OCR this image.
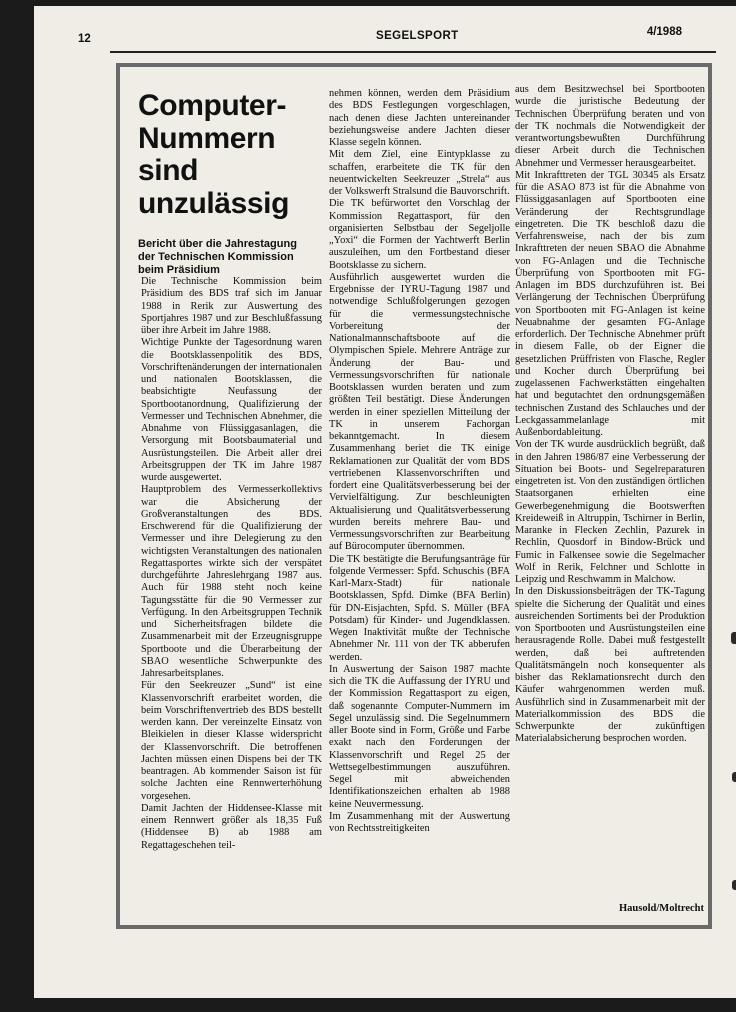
12	SEGELSPORT	4/1988
Computer-Nummern sind unzulässig

Bericht über die Jahrestagung der Technischen Kommission beim Präsidium

Die Technische Kommission beim Präsidium des BDS traf sich im Januar 1988 in Rerik zur Auswertung des Sportjahres 1987 und zur Beschlußfassung über ihre Arbeit im Jahre 1988.

Wichtige Punkte der Tagesordnung waren die Bootsklassenpolitik des BDS, Vorschriftenänderungen der internationalen und nationalen Bootsklassen, die beabsichtigte Neufassung der Sportbootanordnung, Qualifizierung der Vermesser und Technischen Abnehmer, die Abnahme von Flüssiggasanlagen, die Versorgung mit Bootsbaumaterial und Ausrüstungsteilen. Die Arbeit aller drei Arbeitsgruppen der TK im Jahre 1987 wurde ausgewertet.

Hauptproblem des Vermesserkollektivs war die Absicherung der Großveranstaltungen des BDS. Erschwerend für die Qualifizierung der Vermesser und ihre Delegierung zu den wichtigsten Veranstaltungen des nationalen Regattasportes wirkte sich der verspätet durchgeführte Jahreslehrgang 1987 aus. Auch für 1988 steht noch keine Tagungsstätte für die 90 Vermesser zur Verfügung. In den Arbeitsgruppen Technik und Sicherheitsfragen bildete die Zusammenarbeit mit der Erzeugnisgruppe Sportboote und die Überarbeitung der SBAO wesentliche Schwerpunkte des Jahresarbeitsplanes.

Für den Seekreuzer „Sund“ ist eine Klassenvorschrift erarbeitet worden, die beim Vorschriftenvertrieb des BDS bestellt werden kann. Der vereinzelte Einsatz von Bleikielen in dieser Klasse widerspricht der Klassenvorschrift. Die betroffenen Jachten müssen einen Dispens bei der TK beantragen. Ab kommender Saison ist für solche Jachten eine Rennwerterhöhung vorgesehen.

Damit Jachten der Hiddensee-Klasse mit einem Rennwert größer als 18,35 Fuß (Hiddensee B) ab 1988 am Regattageschehen teil-

nehmen können, werden dem Präsidium des BDS Festlegungen vorgeschlagen, nach denen diese Jachten untereinander beziehungsweise andere Jachten dieser Klasse segeln können.

Mit dem Ziel, eine Eintypklasse zu schaffen, erarbeitete die TK für den neuentwickelten Seekreuzer „Strela“ aus der Volkswerft Stralsund die Bauvorschrift.

Die TK befürwortet den Vorschlag der Kommission Regattasport, für den organisierten Selbstbau der Segeljolle „Yoxi“ die Formen der Yachtwerft Berlin auszuleihen, um den Fortbestand dieser Bootsklasse zu sichern.

Ausführlich ausgewertet wurden die Ergebnisse der IYRU-Tagung 1987 und notwendige Schlußfolgerungen gezogen für die vermessungstechnische Vorbereitung der Nationalmannschaftsboote auf die Olympischen Spiele. Mehrere Anträge zur Änderung der Bau- und Vermessungsvorschriften für nationale Bootsklassen wurden beraten und zum größten Teil bestätigt. Diese Änderungen werden in einer speziellen Mitteilung der TK in unserem Fachorgan bekanntgemacht. In diesem Zusammenhang beriet die TK einige Reklamationen zur Qualität der vom BDS vertriebenen Klassenvorschriften und fordert eine Qualitätsverbesserung bei der Vervielfältigung. Zur beschleunigten Aktualisierung und Qualitätsverbesserung wurden bereits mehrere Bau- und Vermessungsvorschriften zur Bearbeitung auf Bürocomputer übernommen.

Die TK bestätigte die Berufungsanträge für folgende Vermesser: Spfd. Schuschis (BFA Karl-Marx-Stadt) für nationale Bootsklassen, Spfd. Dimke (BFA Berlin) für DN-Eisjachten, Spfd. S. Müller (BFA Potsdam) für Kinder- und Jugendklassen. Wegen Inaktivität mußte der Technische Abnehmer Nr. 111 von der TK abberufen werden.

In Auswertung der Saison 1987 machte sich die TK die Auffassung der IYRU und der Kommission Regattasport zu eigen, daß sogenannte Computer-Nummern im Segel unzulässig sind. Die Segelnummern aller Boote sind in Form, Größe und Farbe exakt nach den Forderungen der Klassenvorschrift und Regel 25 der Wettsegelbestimmungen auszuführen. Segel mit abweichenden Identifikationszeichen erhalten ab 1988 keine Neuvermessung.

Im Zusammenhang mit der Auswertung von Rechtsstreitigkeiten

aus dem Besitzwechsel bei Sportbooten wurde die juristische Bedeutung der Technischen Überprüfung beraten und von der TK nochmals die Notwendigkeit der verantwortungsbewußten Durchführung dieser Arbeit durch die Technischen Abnehmer und Vermesser herausgearbeitet.

Mit Inkrafttreten der TGL 30345 als Ersatz für die ASAO 873 ist für die Abnahme von Flüssiggasanlagen auf Sportbooten eine Veränderung der Rechtsgrundlage eingetreten. Die TK beschloß dazu die Verfahrensweise, nach der bis zum Inkrafttreten der neuen SBAO die Abnahme von FG-Anlagen und die Technische Überprüfung von Sportbooten mit FG-Anlagen im BDS durchzuführen ist. Bei Verlängerung der Technischen Überprüfung von Sportbooten mit FG-Anlagen ist keine Neuabnahme der gesamten FG-Anlage erforderlich. Der Technische Abnehmer prüft in diesem Falle, ob der Eigner die gesetzlichen Prüffristen von Flasche, Regler und Kocher durch Überprüfung bei zugelassenen Fachwerkstätten eingehalten hat und begutachtet den ordnungsgemäßen technischen Zustand des Schlauches und der Leckgassammelanlage mit Außenbordableitung.

Von der TK wurde ausdrücklich begrüßt, daß in den Jahren 1986/87 eine Verbesserung der Situation bei Boots- und Segelreparaturen eingetreten ist. Von den zuständigen örtlichen Staatsorganen erhielten eine Gewerbegenehmigung die Bootswerften Kreideweiß in Altruppin, Tschirner in Berlin, Maranke in Flecken Zechlin, Pazurek in Rechlin, Quosdorf in Bindow-Brück und Fumic in Falkensee sowie die Segelmacher Wolf in Rerik, Felchner und Schlotte in Leipzig und Reschwamm in Malchow.

In den Diskussionsbeiträgen der TK-Tagung spielte die Sicherung der Qualität und eines ausreichenden Sortiments bei der Produktion von Sportbooten und Ausrüstungsteilen eine herausragende Rolle. Dabei muß festgestellt werden, daß bei auftretenden Qualitätsmängeln noch konsequenter als bisher das Reklamationsrecht durch den Käufer wahrgenommen werden muß. Ausführlich sind in Zusammenarbeit mit der Materialkommission des BDS die Schwerpunkte der zukünftigen Materialabsicherung besprochen worden.

Hausold/Moltrecht
